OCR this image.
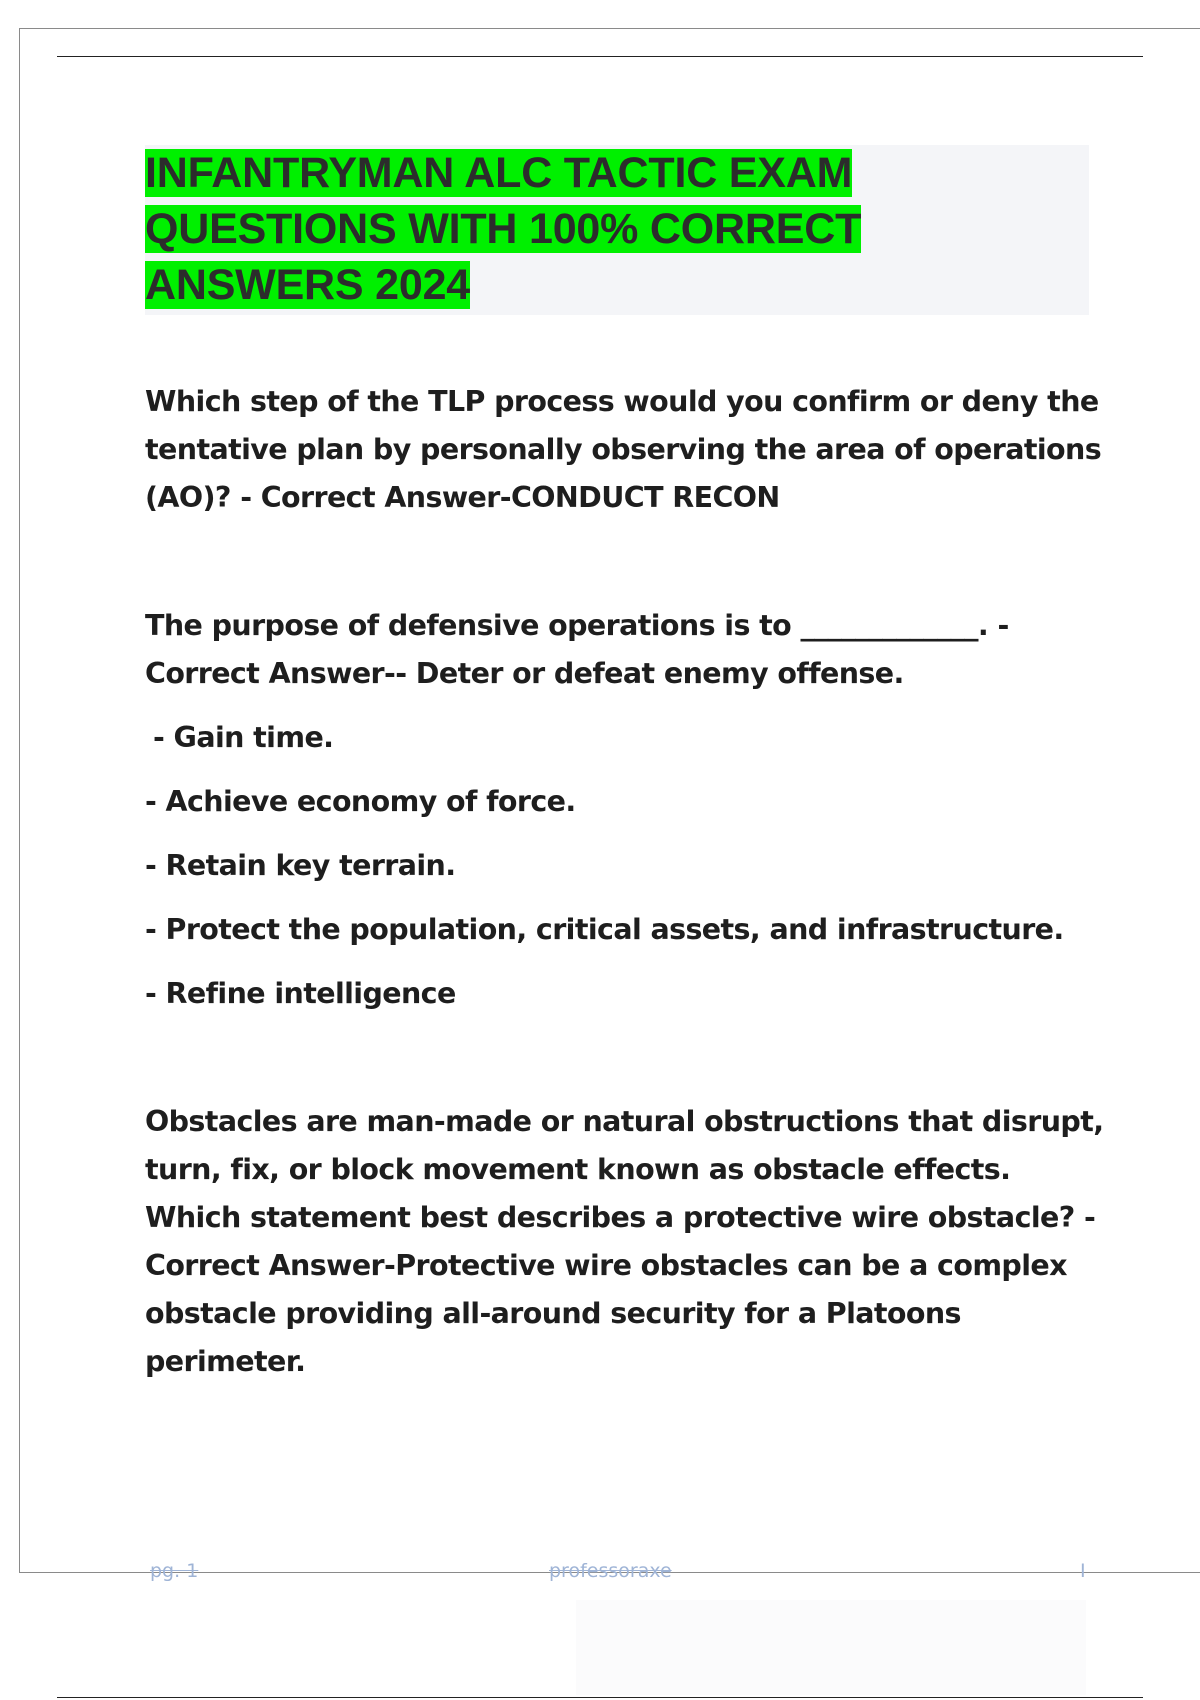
INFANTRYMAN ALC TACTIC EXAM QUESTIONS WITH 100% CORRECT ANSWERS 2024

Which step of the TLP process would you confirm or deny the tentative plan by personally observing the area of operations (AO)? - Correct Answer-CONDUCT RECON

The purpose of defensive operations is to _____________. - Correct Answer-- Deter or defeat enemy offense.

- Gain time.

- Achieve economy of force.

- Retain key terrain.

- Protect the population, critical assets, and infrastructure.

- Refine intelligence

Obstacles are man-made or natural obstructions that disrupt, turn, fix, or block movement known as obstacle effects. Which statement best describes a protective wire obstacle? - Correct Answer-Protective wire obstacles can be a complex obstacle providing all-around security for a Platoons perimeter.

pg. 1	professoraxe	I
